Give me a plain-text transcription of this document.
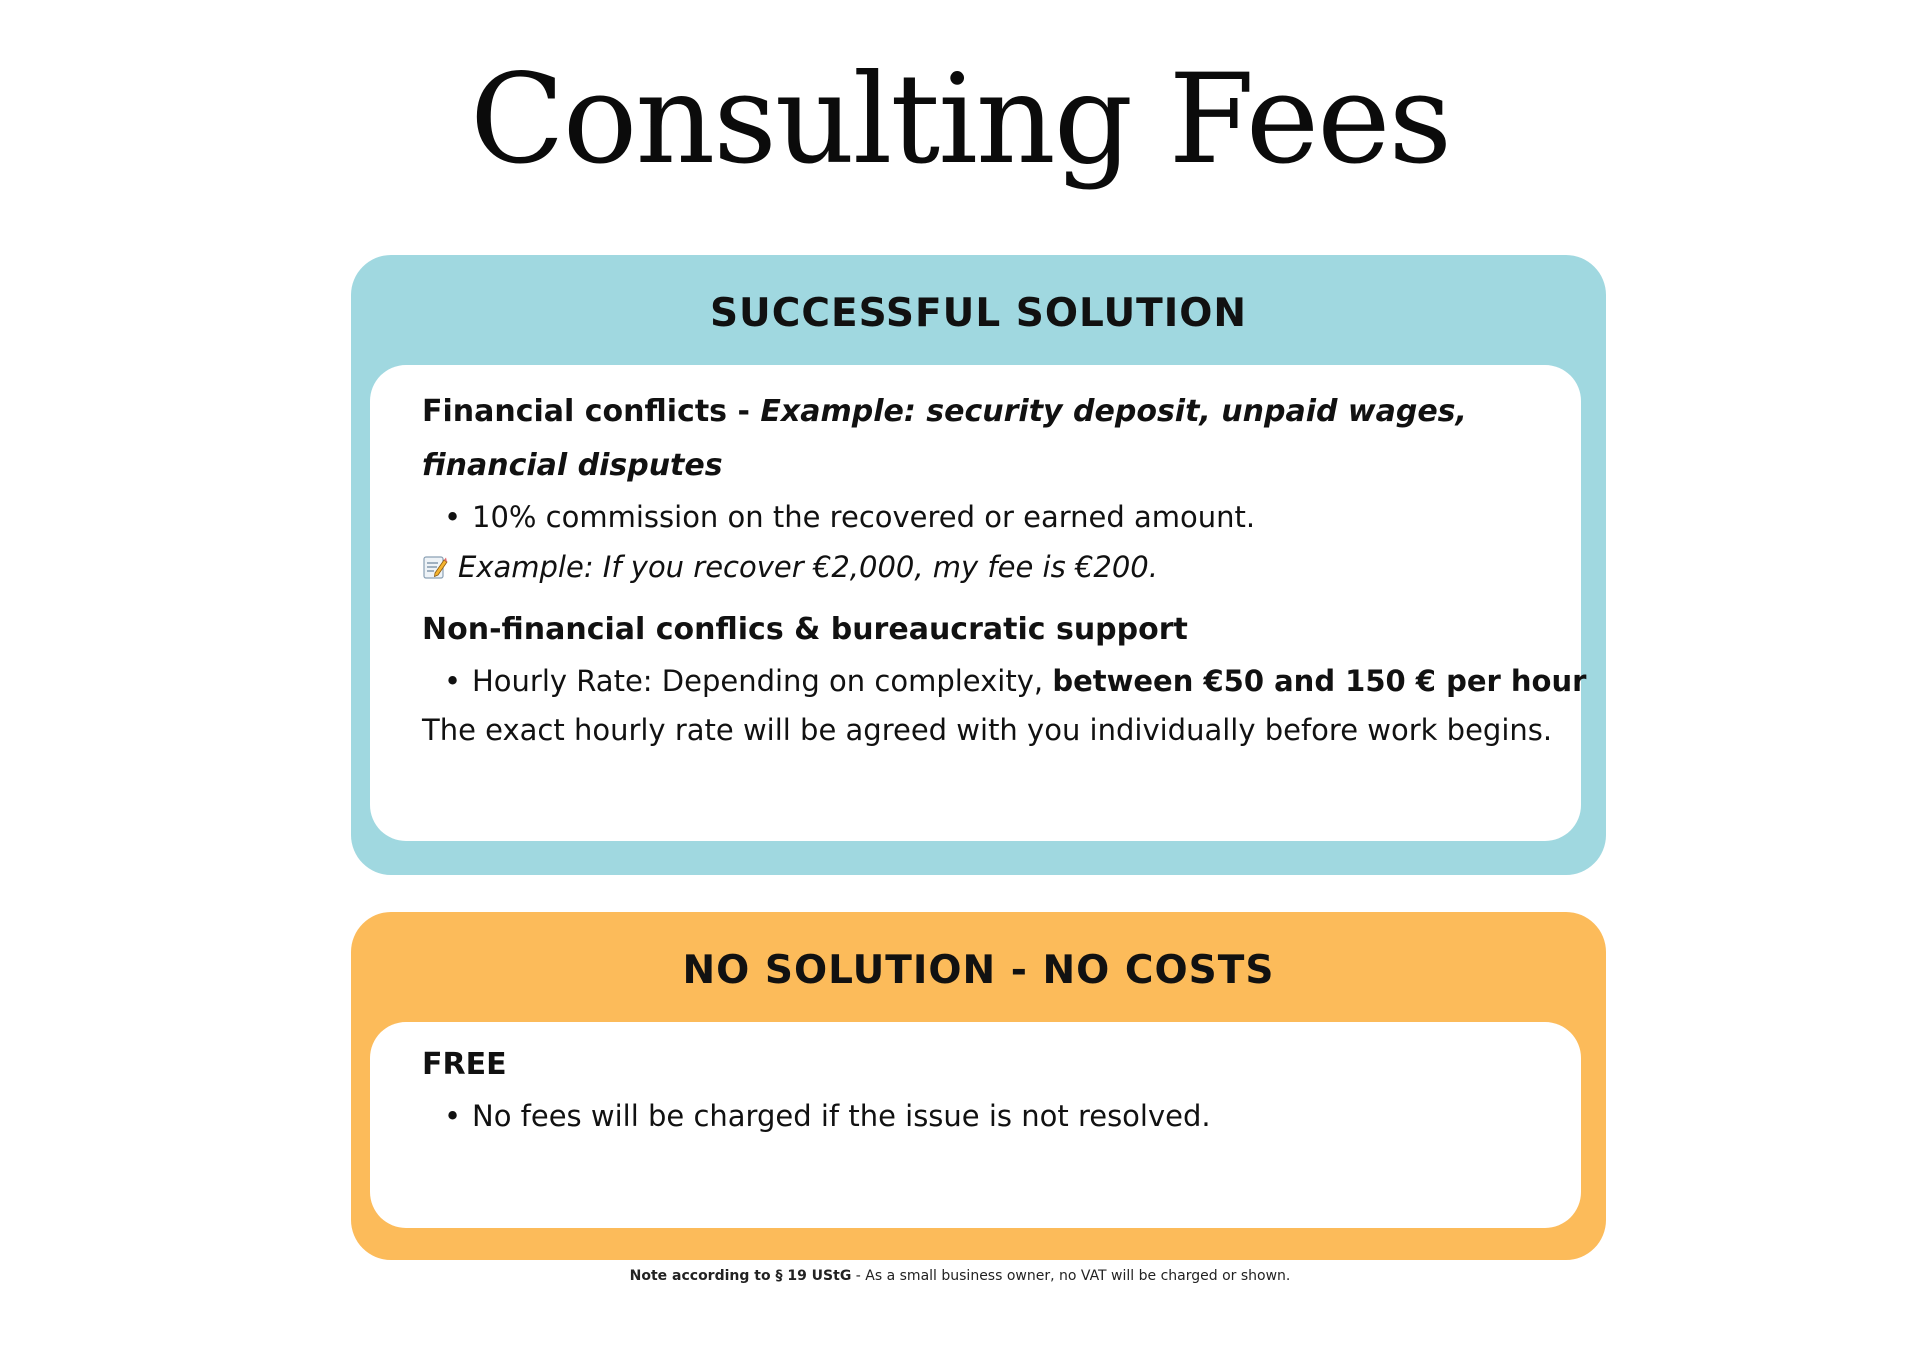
Consulting Fees
SUCCESSFUL SOLUTION
Financial conflicts - Example: security deposit, unpaid wages, financial disputes
• 10% commission on the recovered or earned amount.
Example: If you recover €2,000, my fee is €200.
Non-financial conflics & bureaucratic support
• Hourly Rate: Depending on complexity, between €50 and 150 € per hour
The exact hourly rate will be agreed with you individually before work begins.
NO SOLUTION - NO COSTS
FREE
• No fees will be charged if the issue is not resolved.
Note according to § 19 UStG - As a small business owner, no VAT will be charged or shown.
